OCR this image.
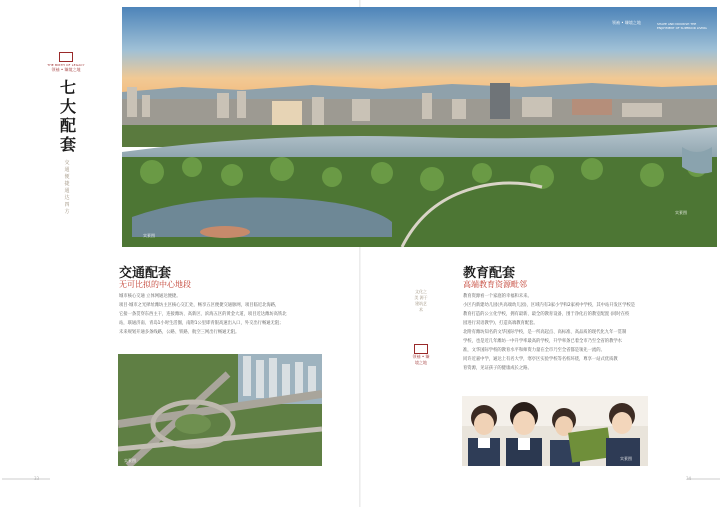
THE BIRTH OF LEGACY
领袖 • 臻境之地
七
大
配
套
交通 便捷 通达 四方
领袖 • 臻境之地	SHAPE AND NOURISH THE ENJOYMENT OF SUPERIOR LIVING
实景图
实景图
交通配套
无可比拟的中心地段

城市核心交通 立体网通达便捷。

项目·城市之光择址潍坊主区核心交汇处，畅享五区便捷交通脉网，项目临近北海路，

它接一条贯穿东西主干，连接潍坊、高新区、滨海五区的黄金大道，项目近达潍坊高铁北

站，联通济南、青岛1小时生活圈，南附1公里即青银高速出入口，外交出行畅通无阻；

未来规划开通多条线路，公路、铁路、航空三网出行畅通无阻。

文化之美 源于建筑艺术
领袖 • 臻境之地
实景图
教育配套
高端教育资源毗邻

教育资源看一个家庭的幸福和未来。

小区内新建幼儿园(共高端幼儿园)，区域内有3家小学和2家初中学校，其中站开发区学校是

教育打造的公立化学校，拥有最新、最全的教育设备，围于净化后的教室配置 (同时在校

园进行双语教学)，打造高端教育配套。

北附有潍坊知名的文华国际学校，是一所高起点、高标准、高品质的现代化九年一贯制

学校，也是近几年潍坊一中升学率最高的学校，升学率条已着全市乃至全省的教学水

准，文华国际学校的教育水平和师资力量在全市乃至全省都是领先一流的。

同许近嘉中学，通达上有名大学，寒亭区实验学校等名校环绕，尊享一站式优质教

育资源，见证孩子的健康成长之路。

实景图
33	34
